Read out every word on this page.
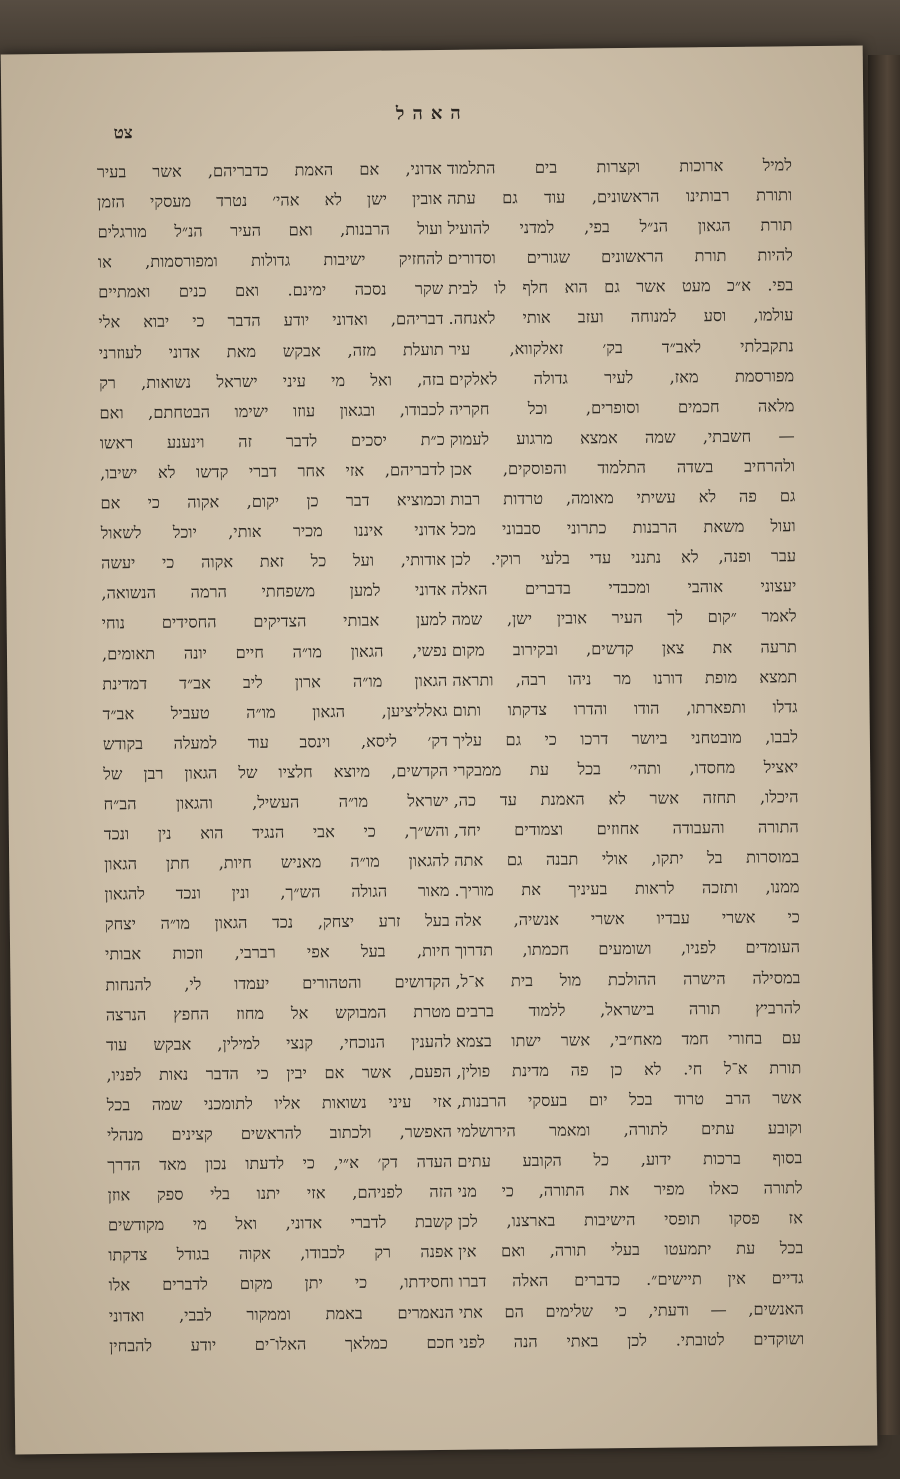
האהל
צט
למיל ארוכות וקצרות בים התלמוד
ותורת רבותינו הראשונים, עוד גם עתה
תורת הגאון הנ״ל בפי, למדני להועיל
להיות תורת הראשונים שגורים וסדורים
בפי. א״כ מעט אשר גם הוא חלף לו לבית
עולמו, וסע למנוחה ועזב אותי לאנחה.
נתקבלתי לאב״ד בק׳ זאלקווא, עיר
מפורסמת מאז, לעיר גדולה לאלקים
מלאה חכמים וסופרים, וכל חקריה
— חשבתי, שמה אמצא מרגוע לעמוק
ולהרחיב בשדה התלמוד והפוסקים, אכן
גם פה לא עשיתי מאומה, טרדות רבות
ועול משאת הרבנות כתרוני סבבוני מכל
עבר ופנה, לא נתנני עדי בלעי רוקי. לכן
יעצוני אוהבי ומכבדי בדברים האלה
לאמר ״קום לך העיר אובין ישן, שמה
תרעה את צאן קדשים, ובקירוב מקום
תמצא מופת דורנו מר ניהו רבה, ותראה
גדלו ותפארתו, הודו והדרו צדקתו ותום
לבבו, מובטחני ביושר דרכו כי גם עליך
יאציל מחסדו, ותהי׳ בכל עת ממבקרי
היכלו, תחזה אשר לא האמנת עד כה,
התורה והעבודה אחוזים וצמודים יחד,
במוסרות בל יתקו, אולי תבנה גם אתה
ממנו, ותזכה לראות בעיניך את מוריך.
כי אשרי עבדיו אשרי אנשיה, אלה
העומדים לפניו, ושומעים חכמתו, תדרוך
במסילה הישרה ההולכת מול בית א־ל,
להרביץ תורה בישראל, ללמוד ברבים
עם בחורי חמד מאח״בי, אשר ישתו בצמא
תורת א־ל חי. לא כן פה מדינת פולין,
אשר הרב טרוד בכל יום בעסקי הרבנות,
וקובע עתים לתורה, ומאמר הירושלמי
בסוף ברכות ידוע, כל הקובע עתים
לתורה כאלו מפיר את התורה, כי מני
אז פסקו תופסי הישיבות בארצנו, לכן
בכל עת יתמעטו בעלי תורה, ואם אין
גדיים אין תיישים״. כדברים האלה דברו
האנשים, — ודעתי, כי שלימים הם אתי
ושוקדים לטובתי. לכן באתי הנה לפני
אדוני, אם האמת כדבריהם, אשר בעיר
אובין ישן לא אהי׳ נטרד מעסקי הזמן
ועול הרבנות, ואם העיר הנ״ל מורגלים
להחזיק ישיבות גדולות ומפורסמות, או
שקר נסכה ימינם. ואם כנים ואמתיים
דבריהם, ואדוני יודע הדבר כי יבוא אלי
תועלת מזה, אבקש מאת אדוני לעוזרני
בזה, ואל מי עיני ישראל נשואות, רק
לכבודו, ובגאון עוזו ישימו הבטחתם, ואם
כ״ת יסכים לדבר זה וינענע ראשו
לדבריהם, אזי אחר דברי קדשו לא ישיבו,
וכמוציא דבר כן יקום, אקוה כי אם
אדוני איננו מכיר אותי, יוכל לשאול
אודותי, ועל כל זאת אקוה כי יעשה
אדוני למען משפחתי הרמה הנשואה,
למען אבותי הצדיקים החסידים נוחי
נפשי, הגאון מו״ה חיים יונה תאומים,
הגאון מו״ה ארון ליב אב״ד דמדינת
גאלליציען, הגאון מו״ה טעביל אב״ד
דק׳ ליסא, וינסב עוד למעלה בקודש
הקדשים, מיוצא חלציו של הגאון רבן של
ישראל מו״ה העשיל, והגאון הב״ח
והש״ך, כי אבי הנגיד הוא נין ונכד
להגאון מו״ה מאניש חיות, חתן הגאון
מאור הגולה הש״ך, ונין ונכד להגאון
בעל זרע יצחק, נכד הגאון מו״ה יצחק
חיות, בעל אפי רברבי, וזכות אבותי
הקדושים והטהורים יעמדו לי, להנחות
מטרת המבוקש אל מחוז החפץ הנרצה
להענין הנוכחי, קנצי למילין, אבקש עוד
הפעם, אשר אם יבין כי הדבר נאות לפניו,
אזי עיני נשואות אליו לתומכני שמה בכל
האפשר, ולכתוב להראשים קצינים מנהלי
העדה דק׳ א״י, כי לדעתו נכון מאד הדרך
הזה לפניהם, אזי יתנו בלי ספק אוזן
קשבת לדברי אדוני, ואל מי מקודשים
אפנה רק לכבודו, אקוה בגודל צדקתו
וחסידתו, כי יתן מקום לדברים אלו
הנאמרים באמת וממקור לבבי, ואדוני
חכם כמלאך האלו־ים יודע להבחין
